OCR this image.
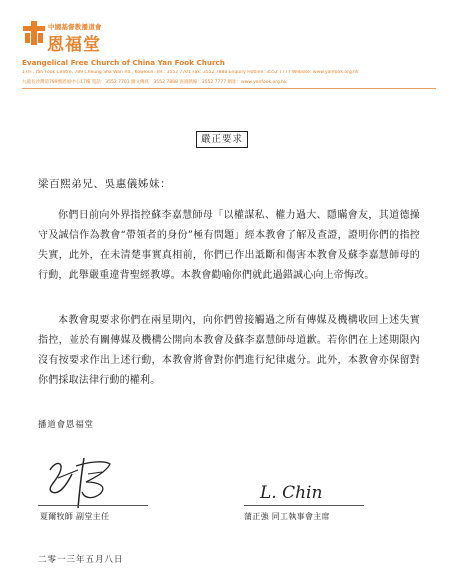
中國基督教播道會
恩福堂
Evangelical Free Church of China Yan Fook Church
17/F., Yan Fook Centre, 789 Cheung Sha Wan Rd., Kowloon. Tel.: 3552 7701 Fax: 3552 7888 Enquiry Hotline: 3552 7777 Website: www.yanfook.org.hk
九龍長沙灣道789號恩福中心17樓 電話：3552 7701 圖文傳真：3552 7888 查詢熱線：3552 7777 網址：www.yanfook.org.hk
嚴正要求
梁百熙弟兄、吳惠儀姊妹：

你們日前向外界指控蘇李嘉慧師母「以權謀私、權力過大、隱瞞會友，其道德操守及誠信作為教會“帶領者的身份”極有問題」經本教會了解及查證，證明你們的指控失實，此外，在未清楚事實真相前，你們已作出詆斷和傷害本教會及蘇李嘉慧師母的行動，此舉嚴重違背聖經教導。本教會勸喻你們就此過錯誠心向上帝悔改。

本教會現要求你們在兩星期內，向你們曾接觸過之所有傳媒及機構收回上述失實指控，並於有關傳媒及機構公開向本教會及蘇李嘉慧師母道歉。若你們在上述期限內沒有按要求作出上述行動，本教會將會對你們進行紀律處分。此外，本教會亦保留對你們採取法律行動的權利。

播道會恩福堂
L. Chin
夏爾牧師 副堂主任	蒲正強 同工執事會主席
二零一三年五月八日
